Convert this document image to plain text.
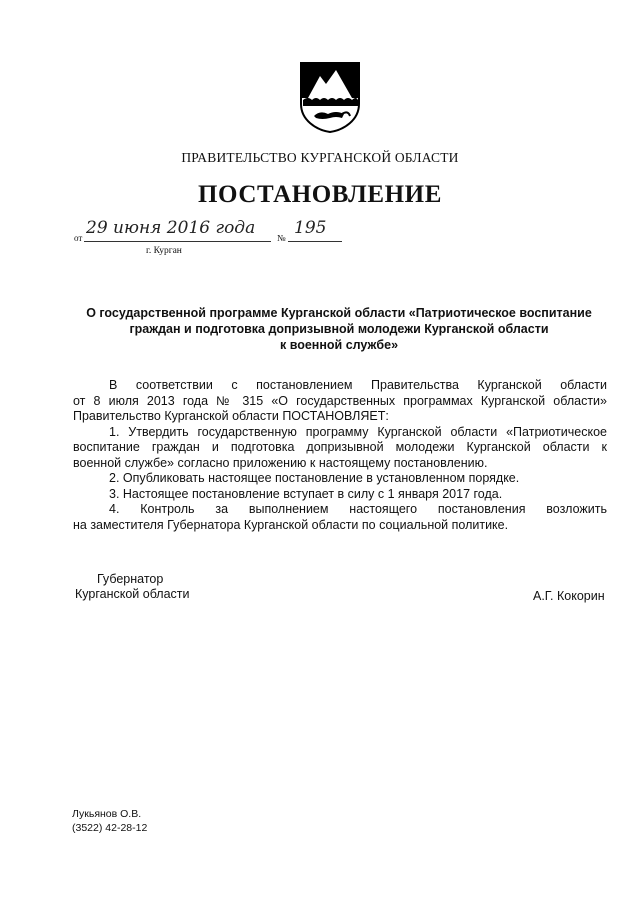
ПРАВИТЕЛЬСТВО КУРГАНСКОЙ ОБЛАСТИ
ПОСТАНОВЛЕНИЕ
от 29 июня 2016 года № 195
г. Курган
О государственной программе Курганской области «Патриотическое воспитание
граждан и подготовка допризывной молодежи Курганской области
к военной службе»
В соответствии с постановлением Правительства Курганской области
от 8 июля 2013 года № 315 «О государственных программах Курганской области»
Правительство Курганской области ПОСТАНОВЛЯЕТ:
1. Утвердить государственную программу Курганской области «Патриотическое
воспитание граждан и подготовка допризывной молодежи Курганской области к
военной службе» согласно приложению к настоящему постановлению.
2. Опубликовать настоящее постановление в установленном порядке.
3. Настоящее постановление вступает в силу с 1 января 2017 года.
4. Контроль за выполнением настоящего постановления возложить
на заместителя Губернатора Курганской области по социальной политике.
Губернатор
Курганской области	А.Г. Кокорин
Лукьянов О.В.
(3522) 42-28-12
